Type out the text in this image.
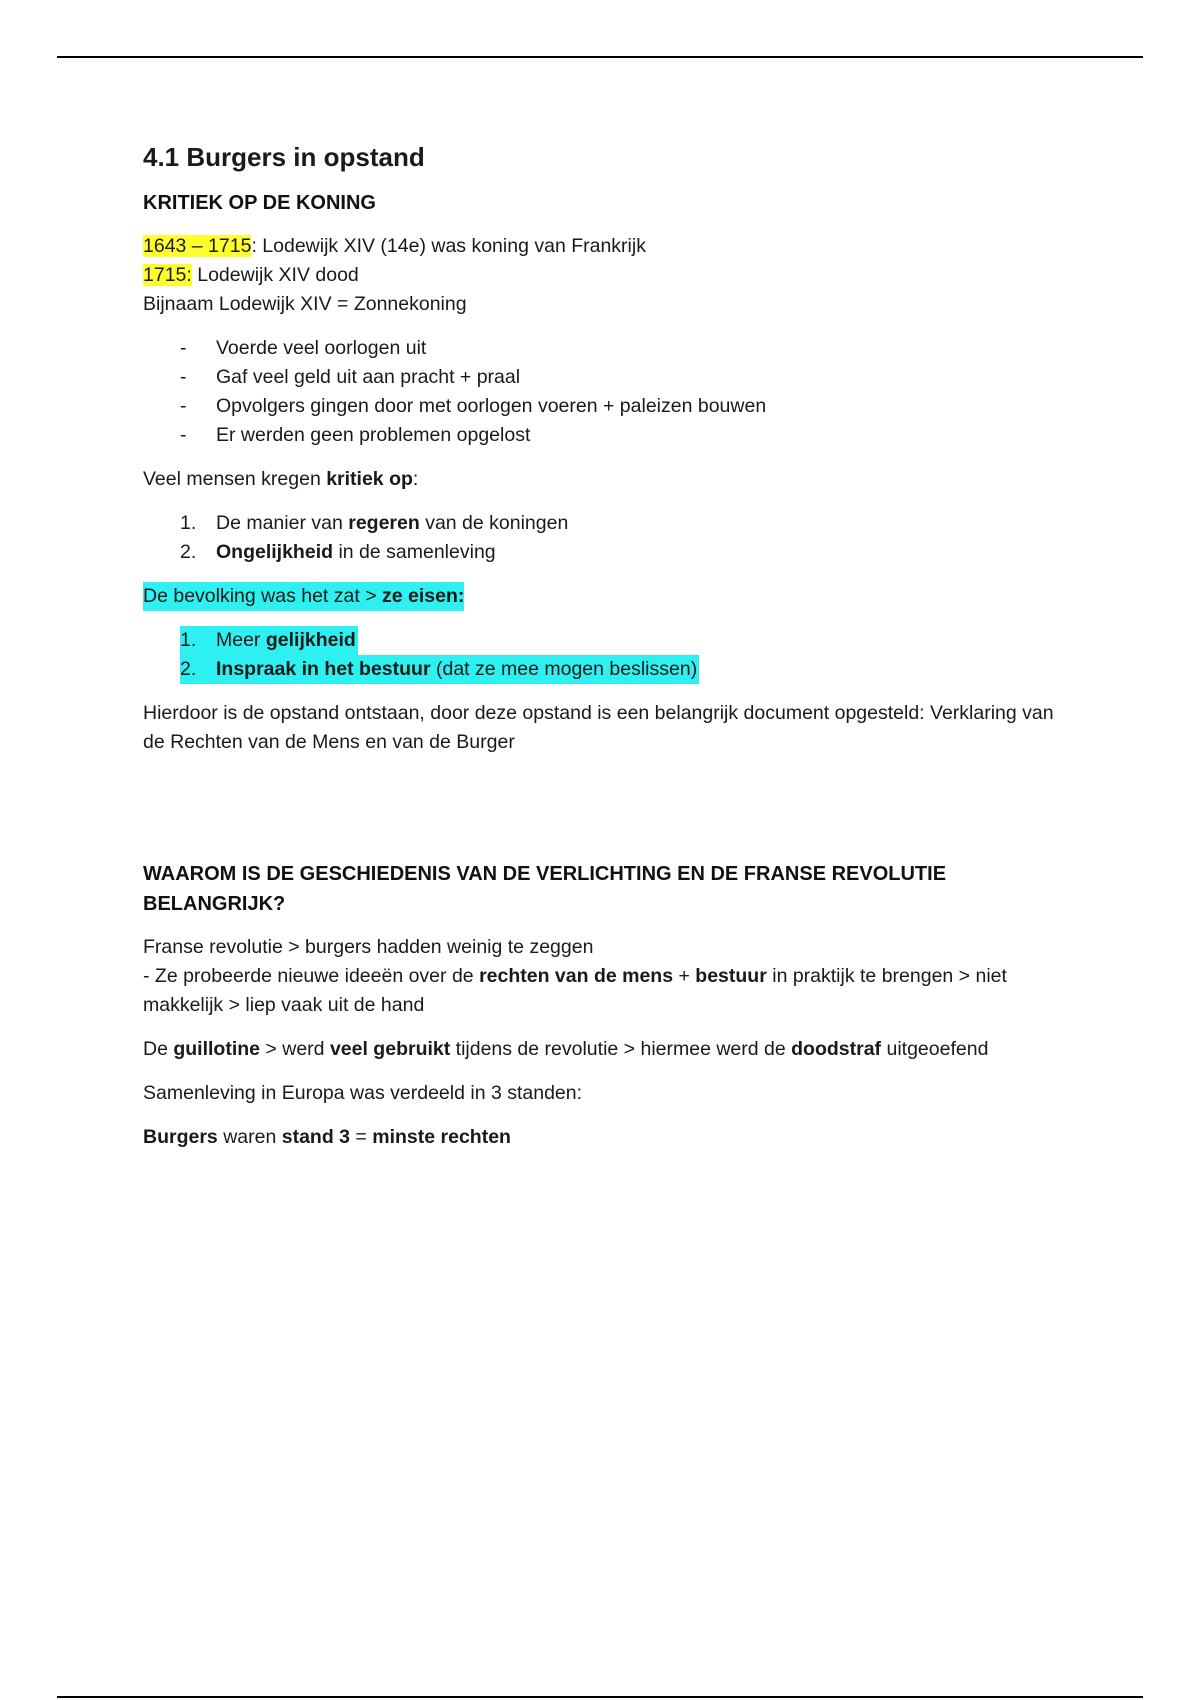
4.1 Burgers in opstand
KRITIEK OP DE KONING

1643 – 1715: Lodewijk XIV (14e) was koning van Frankrijk

1715: Lodewijk XIV dood

Bijnaam Lodewijk XIV = Zonnekoning

- Voerde veel oorlogen uit
- Gaf veel geld uit aan pracht + praal
- Opvolgers gingen door met oorlogen voeren + paleizen bouwen
- Er werden geen problemen opgelost

Veel mensen kregen kritiek op:

1. De manier van regeren van de koningen
2. Ongelijkheid in de samenleving

De bevolking was het zat > ze eisen:

1. Meer gelijkheid
2. Inspraak in het bestuur (dat ze mee mogen beslissen)

Hierdoor is de opstand ontstaan, door deze opstand is een belangrijk document opgesteld: Verklaring van de Rechten van de Mens en van de Burger

WAAROM IS DE GESCHIEDENIS VAN DE VERLICHTING EN DE FRANSE REVOLUTIE BELANGRIJK?

Franse revolutie > burgers hadden weinig te zeggen

- Ze probeerde nieuwe ideeën over de rechten van de mens + bestuur in praktijk te brengen > niet makkelijk > liep vaak uit de hand

De guillotine > werd veel gebruikt tijdens de revolutie > hiermee werd de doodstraf uitgeoefend

Samenleving in Europa was verdeeld in 3 standen:

Burgers waren stand 3 = minste rechten
